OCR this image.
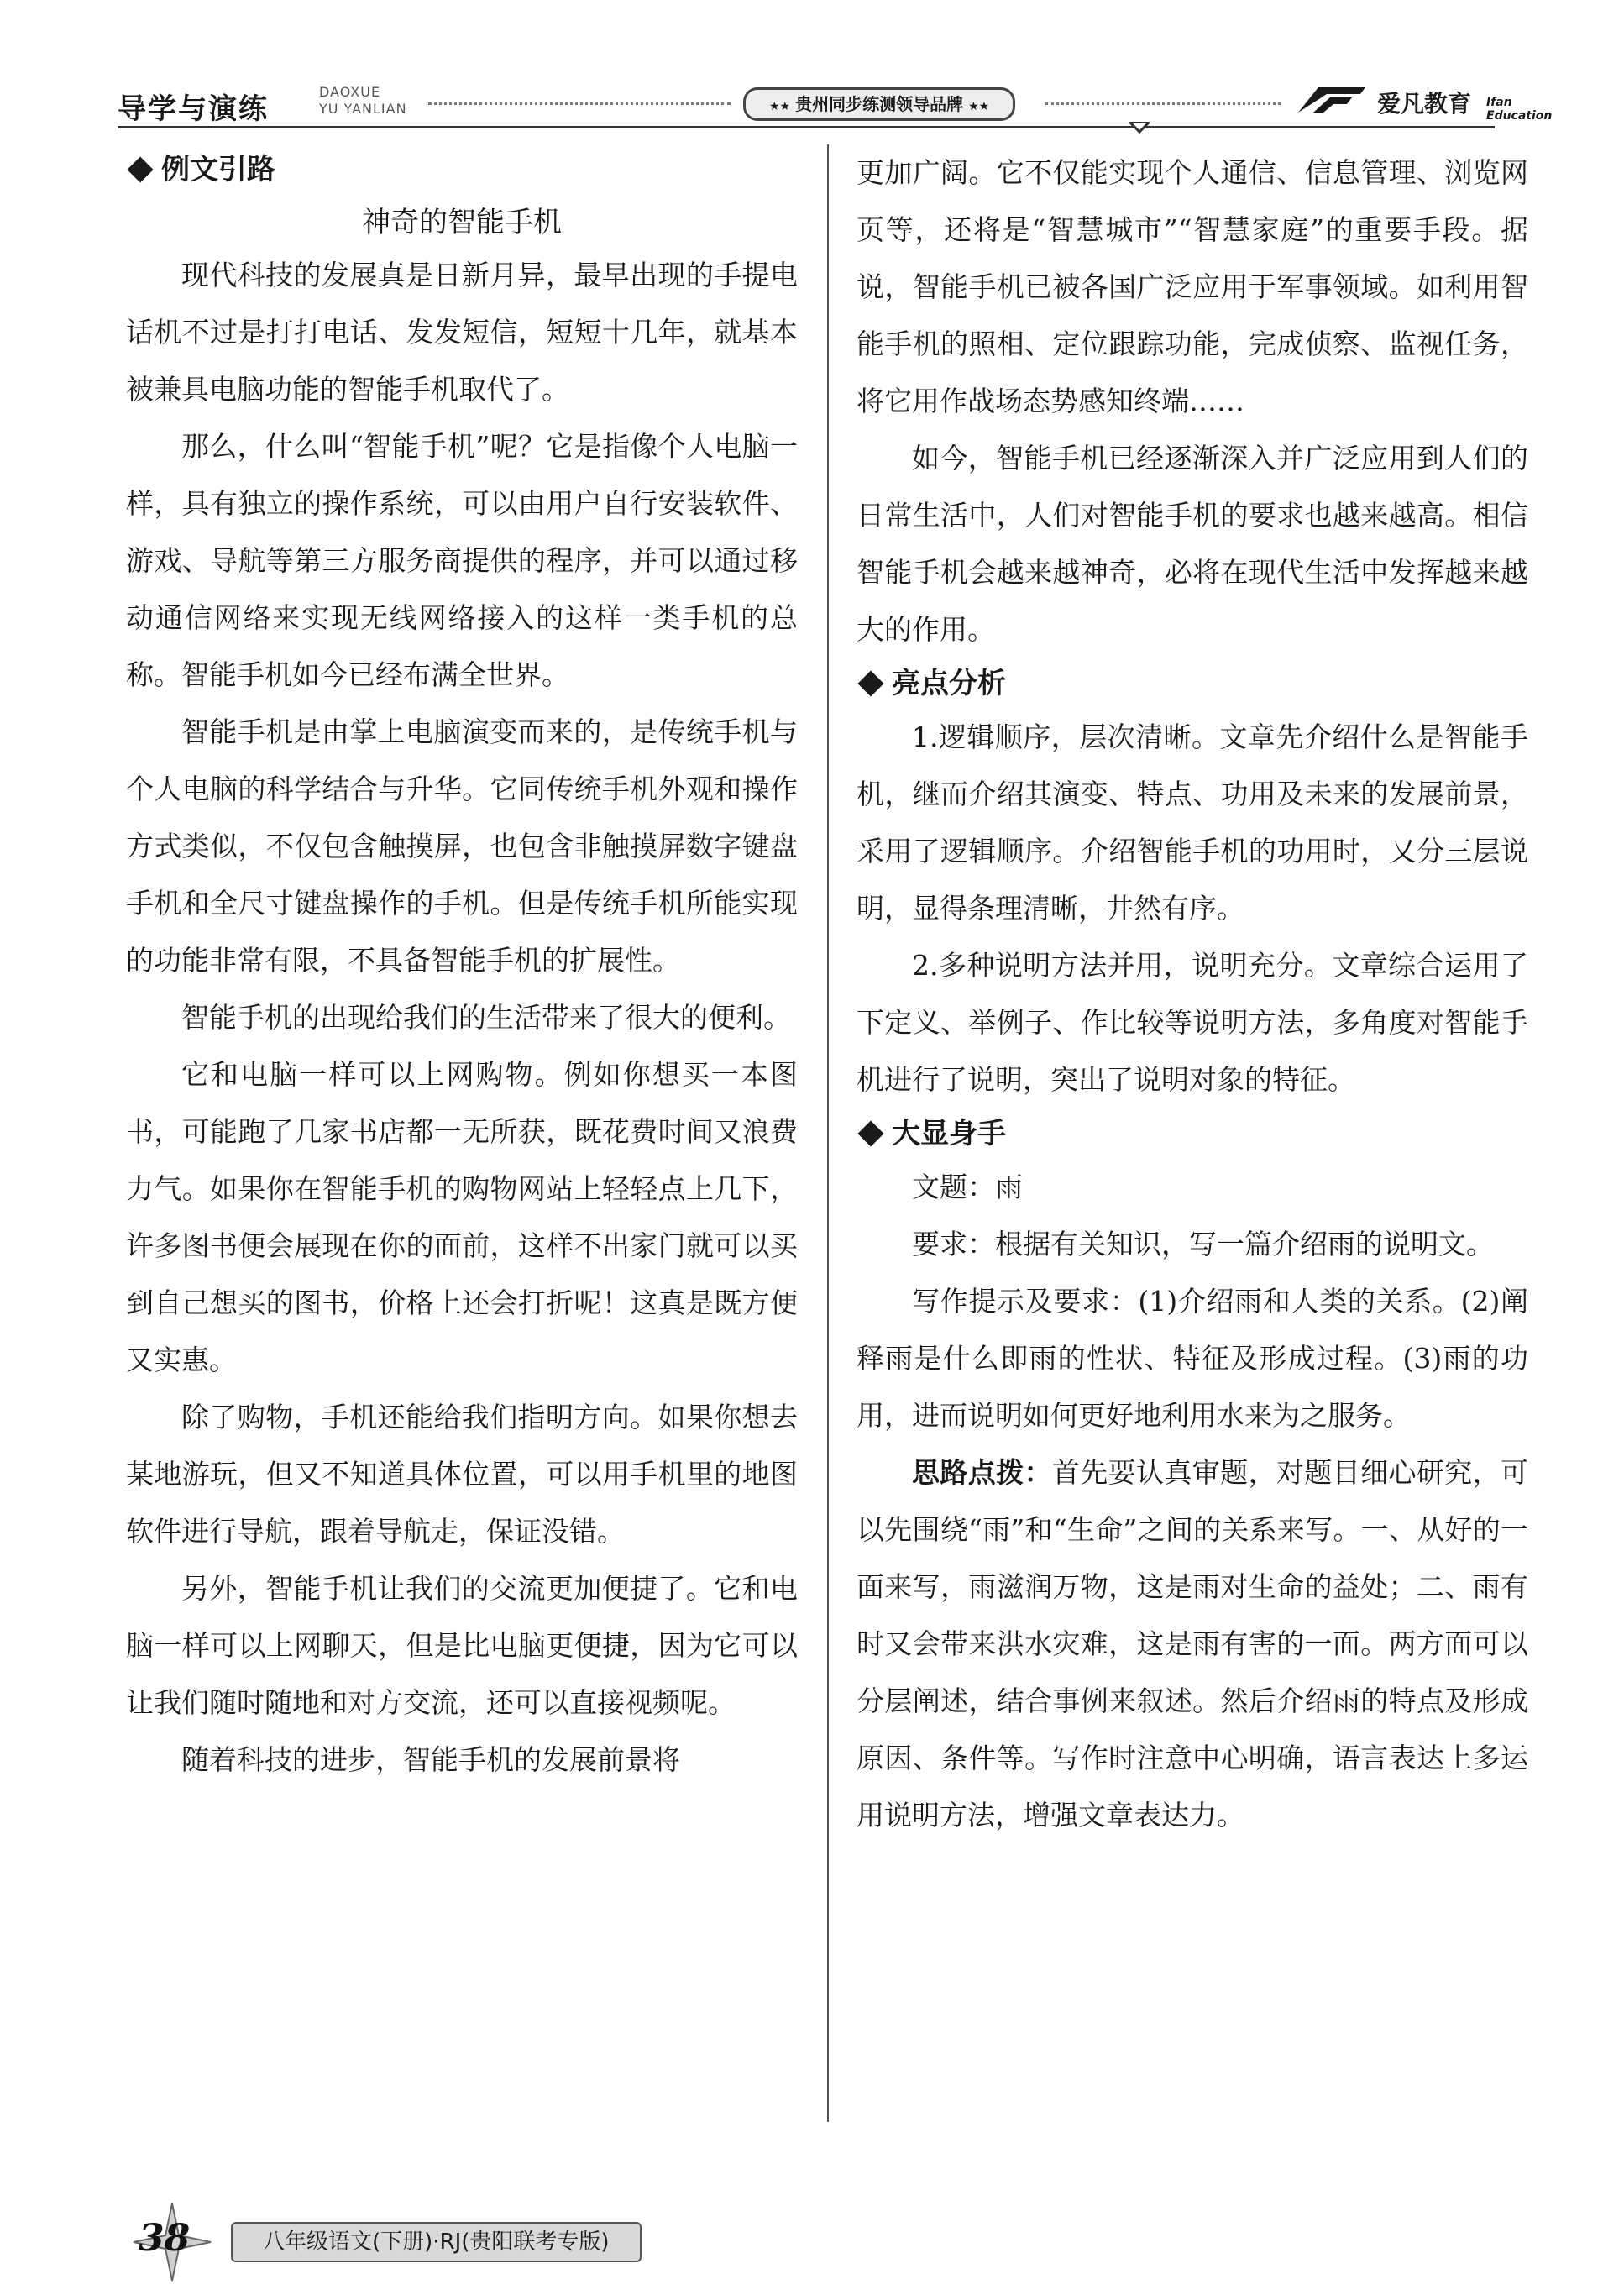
导学与演练
DAOXUE
YU YANLIAN	★★ 贵州同步练测领导品牌 ★★	爱凡教育 Ifan Education
例文引路
神奇的智能手机

现代科技的发展真是日新月异，最早出现的手提电话机不过是打打电话、发发短信，短短十几年，就基本被兼具电脑功能的智能手机取代了。

那么，什么叫“智能手机”呢？它是指像个人电脑一样，具有独立的操作系统，可以由用户自行安装软件、游戏、导航等第三方服务商提供的程序，并可以通过移动通信网络来实现无线网络接入的这样一类手机的总称。智能手机如今已经布满全世界。

智能手机是由掌上电脑演变而来的，是传统手机与个人电脑的科学结合与升华。它同传统手机外观和操作方式类似，不仅包含触摸屏，也包含非触摸屏数字键盘手机和全尺寸键盘操作的手机。但是传统手机所能实现的功能非常有限，不具备智能手机的扩展性。

智能手机的出现给我们的生活带来了很大的便利。

它和电脑一样可以上网购物。例如你想买一本图书，可能跑了几家书店都一无所获，既花费时间又浪费力气。如果你在智能手机的购物网站上轻轻点上几下，许多图书便会展现在你的面前，这样不出家门就可以买到自己想买的图书，价格上还会打折呢！这真是既方便又实惠。

除了购物，手机还能给我们指明方向。如果你想去某地游玩，但又不知道具体位置，可以用手机里的地图软件进行导航，跟着导航走，保证没错。

另外，智能手机让我们的交流更加便捷了。它和电脑一样可以上网聊天，但是比电脑更便捷，因为它可以让我们随时随地和对方交流，还可以直接视频呢。

随着科技的进步，智能手机的发展前景将

更加广阔。它不仅能实现个人通信、信息管理、浏览网页等，还将是“智慧城市”“智慧家庭”的重要手段。据说，智能手机已被各国广泛应用于军事领域。如利用智能手机的照相、定位跟踪功能，完成侦察、监视任务，将它用作战场态势感知终端……

如今，智能手机已经逐渐深入并广泛应用到人们的日常生活中，人们对智能手机的要求也越来越高。相信智能手机会越来越神奇，必将在现代生活中发挥越来越大的作用。

亮点分析

1.逻辑顺序，层次清晰。文章先介绍什么是智能手机，继而介绍其演变、特点、功用及未来的发展前景，采用了逻辑顺序。介绍智能手机的功用时，又分三层说明，显得条理清晰，井然有序。

2.多种说明方法并用，说明充分。文章综合运用了下定义、举例子、作比较等说明方法，多角度对智能手机进行了说明，突出了说明对象的特征。

大显身手

文题：雨

要求：根据有关知识，写一篇介绍雨的说明文。

写作提示及要求：(1)介绍雨和人类的关系。(2)阐释雨是什么即雨的性状、特征及形成过程。(3)雨的功用，进而说明如何更好地利用水来为之服务。

思路点拨：首先要认真审题，对题目细心研究，可以先围绕“雨”和“生命”之间的关系来写。一、从好的一面来写，雨滋润万物，这是雨对生命的益处；二、雨有时又会带来洪水灾难，这是雨有害的一面。两方面可以分层阐述，结合事例来叙述。然后介绍雨的特点及形成原因、条件等。写作时注意中心明确，语言表达上多运用说明方法，增强文章表达力。

38	八年级语文(下册)·RJ(贵阳联考专版)
